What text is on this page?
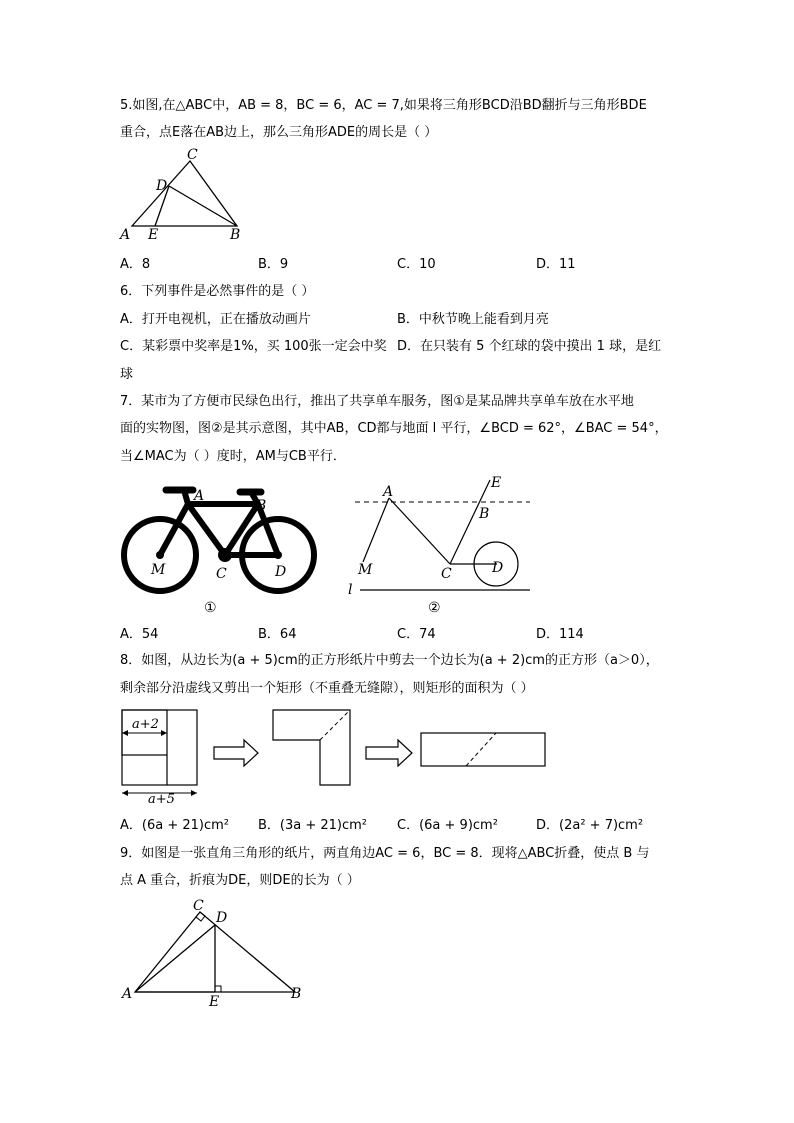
5.如图,在△ABC中，AB = 8，BC = 6，AC = 7,如果将三角形BCD沿BD翻折与三角形BDE
重合，点E落在AB边上，那么三角形ADE的周长是（ ）
A E	B
C
D
A．8	B．9	C．10	D．11
6．下列事件是必然事件的是（ ）
A．打开电视机，正在播放动画片	B．中秋节晚上能看到月亮
C．某彩票中奖率是1%，买 100张一定会中奖 D．在只装有 5 个红球的袋中摸出 1 球，是红
球
7．某市为了方便市民绿色出行，推出了共享单车服务，图①是某品牌共享单车放在水平地
面的实物图，图②是其示意图，其中AB，CD都与地面 l 平行，∠BCD = 62°，∠BAC = 54°，
当∠MAC为（ ）度时，AM与CB平行．
A
B
M	C	D
①
A
B
E
M	C	D
l
②
A．54	B．64	C．74	D．114
8．如图，从边长为(a + 5)cm的正方形纸片中剪去一个边长为(a + 2)cm的正方形（a＞0），
剩余部分沿虚线又剪出一个矩形（不重叠无缝隙），则矩形的面积为（ ）
a+2
a+5
A．(6a + 21)cm² B．(3a + 21)cm² C．(6a + 9)cm²	D．(2a² + 7)cm²
9．如图是一张直角三角形的纸片，两直角边AC = 6，BC = 8．现将△ABC折叠，使点 B 与
点 A 重合，折痕为DE，则DE的长为（ ）
A	B
C
D
E
